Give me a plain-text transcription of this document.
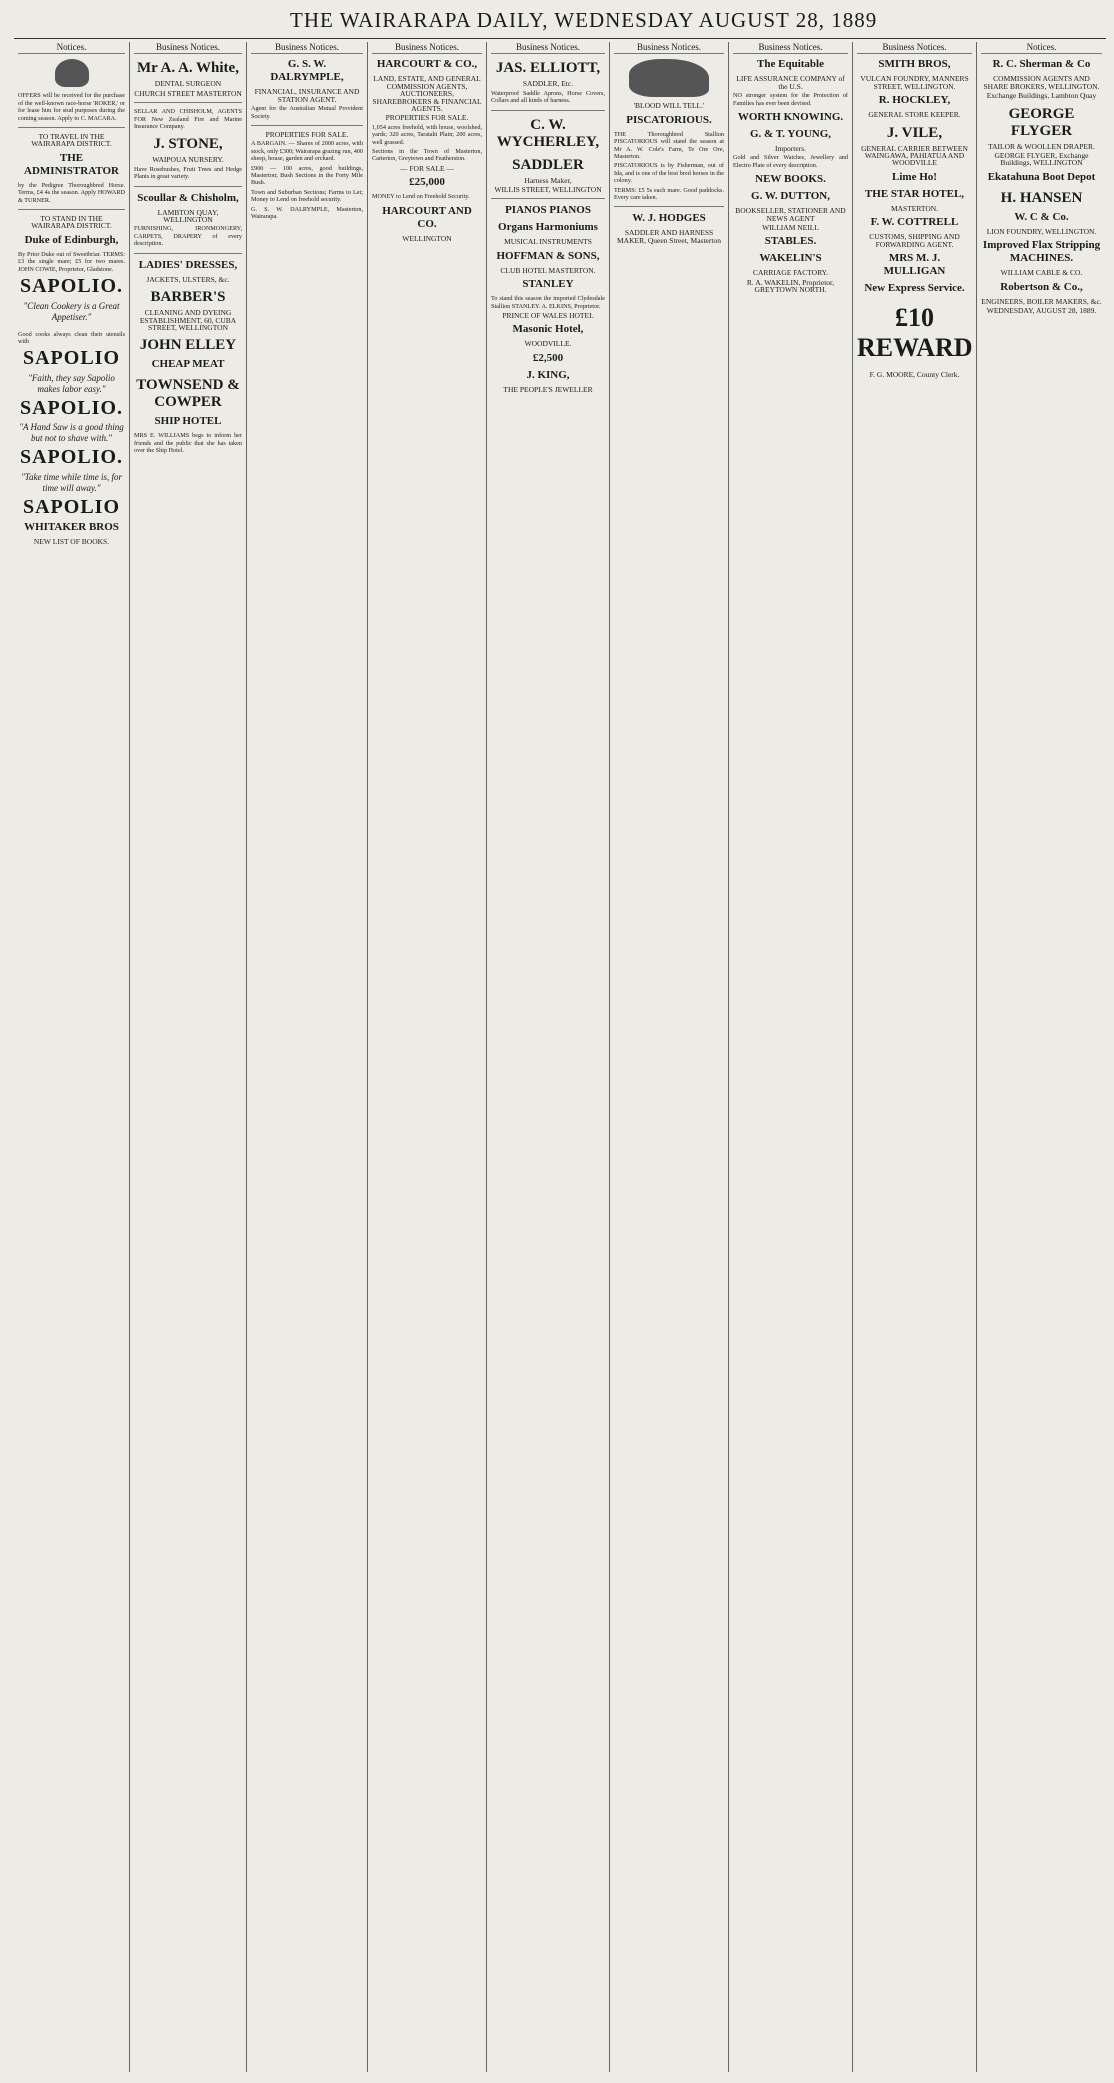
THE WAIRARAPA DAILY, WEDNESDAY AUGUST 28, 1889
Notices.
OFFERS will be received for the purchase of the well-known race-horse 'ROKER,' or for lease him for stud purposes during the coming season. Apply to C. MACARA.
TO TRAVEL IN THE WAIRARAPA DISTRICT.
THE ADMINISTRATOR
by the Pedigree Thoroughbred Horse. Terms, £4 4s the season. Apply HOWARD & TURNER.
TO STAND IN THE WAIRARAPA DISTRICT.
Duke of Edinburgh,
By Prior Duke out of Sweetbriar. TERMS: £3 the single mare; £5 for two mares. JOHN COWIE, Proprietor, Gladstone.
SAPOLIO.
"Clean Cookery is a Great Appetiser."
Good cooks always clean their utensils with
SAPOLIO
"Faith, they say Sapolio makes labor easy."
SAPOLIO.
"A Hand Saw is a good thing but not to shave with."
SAPOLIO.
"Take time while time is, for time will away."
SAPOLIO
WHITAKER BROS
NEW LIST OF BOOKS.
Business Notices.
Mr A. A. White,
DENTAL SURGEON
CHURCH STREET MASTERTON
SELLAR AND CHISHOLM, AGENTS FOR New Zealand Fire and Marine Insurance Company.
J. STONE,
WAIPOUA NURSERY.
Have Rosebushes, Fruit Trees and Hedge Plants in great variety.
Scoullar & Chisholm,
LAMBTON QUAY, WELLINGTON
FURNISHING, IRONMONGERY, CARPETS, DRAPERY of every description.
LADIES' DRESSES,
JACKETS, ULSTERS, &c.
BARBER'S
CLEANING AND DYEING ESTABLISHMENT, 60, CUBA STREET, WELLINGTON
JOHN ELLEY
CHEAP MEAT
TOWNSEND & COWPER
SHIP HOTEL
MRS E. WILLIAMS begs to inform her friends and the public that she has taken over the Ship Hotel.
Business Notices.
G. S. W. DALRYMPLE,
FINANCIAL, INSURANCE AND STATION AGENT.
Agent for the Australian Mutual Provident Society.
PROPERTIES FOR SALE.
A BARGAIN. — Shares of 2000 acres, with stock, only £300; Wairarapa grazing run, 400 sheep, house, garden and orchard.
£900 — 100 acres, good buildings, Masterton; Bush Sections in the Forty Mile Bush.
Town and Suburban Sections; Farms to Let; Money to Lend on freehold security.
G. S. W. DALRYMPLE, Masterton, Wairarapa.
Business Notices.
HARCOURT & CO.,
LAND, ESTATE, AND GENERAL COMMISSION AGENTS, AUCTIONEERS, SHAREBROKERS & FINANCIAL AGENTS.
PROPERTIES FOR SALE.
1,054 acres freehold, with house, woolshed, yards; 320 acres, Taratahi Plain; 200 acres, well grassed.
Sections in the Town of Masterton, Carterton, Greytown and Featherston.
— FOR SALE —
£25,000
MONEY to Lend on Freehold Security.
HARCOURT AND CO.
WELLINGTON
Business Notices.
JAS. ELLIOTT,
SADDLER, Etc.
Waterproof Saddle Aprons, Horse Covers, Collars and all kinds of harness.
C. W. WYCHERLEY,
SADDLER
Harness Maker,
WILLIS STREET, WELLINGTON
PIANOS PIANOS
Organs Harmoniums
MUSICAL INSTRUMENTS
HOFFMAN & SONS,
CLUB HOTEL MASTERTON.
STANLEY
To stand this season the imported Clydesdale Stallion STANLEY. A. ELKINS, Proprietor.
PRINCE OF WALES HOTEL
Masonic Hotel,
WOODVILLE.
£2,500
J. KING,
THE PEOPLE'S JEWELLER
Business Notices.
'BLOOD WILL TELL.'
PISCATORIOUS.
THE Thoroughbred Stallion PISCATORIOUS will stand the season at Mr A. W. Cole's Farm, Te Ore Ore, Masterton.
PISCATORIOUS is by Fisherman, out of Ida, and is one of the best bred horses in the colony.
TERMS: £5 5s each mare. Good paddocks. Every care taken.
W. J. HODGES
SADDLER AND HARNESS MAKER, Queen Street, Masterton
Business Notices.
The Equitable
LIFE ASSURANCE COMPANY of the U.S.
NO stronger system for the Protection of Families has ever been devised.
WORTH KNOWING.
G. & T. YOUNG,
Importers.
Gold and Silver Watches, Jewellery and Electro Plate of every description.
NEW BOOKS.
G. W. DUTTON,
BOOKSELLER, STATIONER AND NEWS AGENT
WILLIAM NEILL
STABLES.
WAKELIN'S
CARRIAGE FACTORY.
R. A. WAKELIN, Proprietor, GREYTOWN NORTH.
Business Notices.
SMITH BROS,
VULCAN FOUNDRY, MANNERS STREET, WELLINGTON.
R. HOCKLEY,
GENERAL STORE KEEPER.
J. VILE,
GENERAL CARRIER BETWEEN WAINGAWA, PAHIATUA AND WOODVILLE
Lime Ho!
THE STAR HOTEL,
MASTERTON.
F. W. COTTRELL
CUSTOMS, SHIPPING AND FORWARDING AGENT.
MRS M. J. MULLIGAN
New Express Service.
£10 REWARD
F. G. MOORE, County Clerk.
Notices.
R. C. Sherman & Co
COMMISSION AGENTS AND SHARE BROKERS, WELLINGTON.
Exchange Buildings, Lambton Quay
GEORGE FLYGER
TAILOR & WOOLLEN DRAPER.
GEORGE FLYGER, Exchange Buildings, WELLINGTON
Ekatahuna Boot Depot
H. HANSEN
W. C & Co.
LION FOUNDRY, WELLINGTON.
Improved Flax Stripping MACHINES.
WILLIAM CABLE & CO.
Robertson & Co.,
ENGINEERS, BOILER MAKERS, &c.
WEDNESDAY, AUGUST 28, 1889.
